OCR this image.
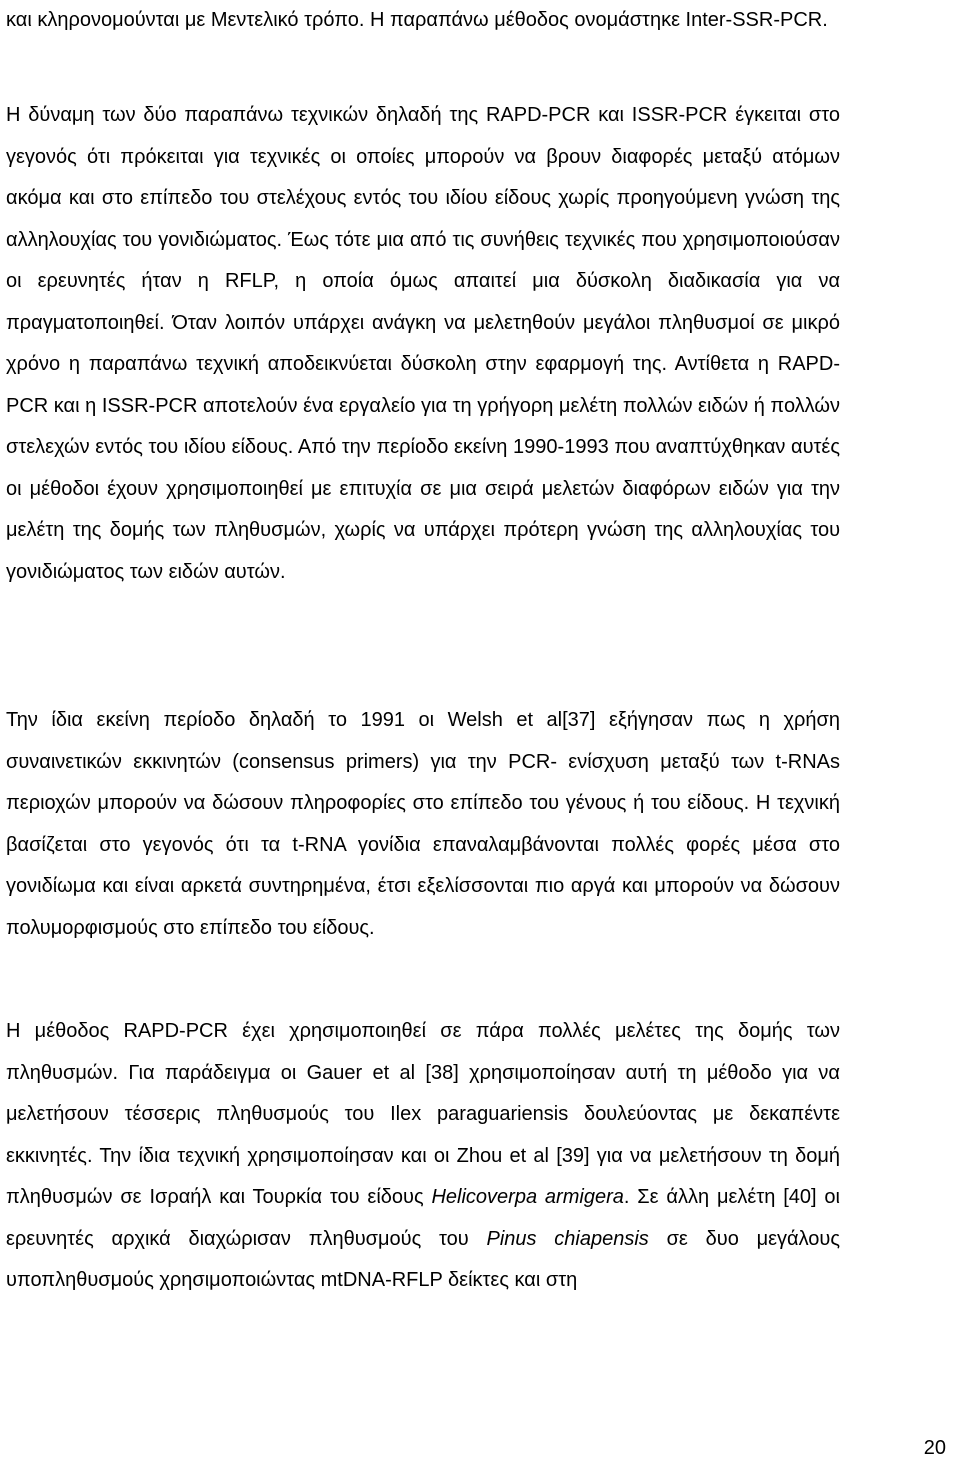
και κληρονομούνται με Μεντελικό τρόπο. Η παραπάνω μέθοδος ονομάστηκε Inter-SSR-PCR.

Η δύναμη των δύο παραπάνω τεχνικών δηλαδή της RAPD-PCR και ISSR-PCR έγκειται στο γεγονός ότι πρόκειται για τεχνικές οι οποίες μπορούν να βρουν διαφορές μεταξύ ατόμων ακόμα και στο επίπεδο του στελέχους εντός του ιδίου είδους χωρίς προηγούμενη γνώση της αλληλουχίας του γονιδιώματος. Έως τότε μια από τις συνήθεις τεχνικές που χρησιμοποιούσαν οι ερευνητές ήταν η RFLP, η οποία όμως απαιτεί μια δύσκολη διαδικασία για να πραγματοποιηθεί. Όταν λοιπόν υπάρχει ανάγκη να μελετηθούν μεγάλοι πληθυσμοί σε μικρό χρόνο η παραπάνω τεχνική αποδεικνύεται δύσκολη στην εφαρμογή της. Αντίθετα η RAPD-PCR και η ISSR-PCR αποτελούν ένα εργαλείο για τη γρήγορη μελέτη πολλών ειδών ή πολλών στελεχών εντός του ιδίου είδους. Από την περίοδο εκείνη 1990-1993 που αναπτύχθηκαν αυτές οι μέθοδοι έχουν χρησιμοποιηθεί με επιτυχία σε μια σειρά μελετών διαφόρων ειδών για την μελέτη της δομής των πληθυσμών, χωρίς να υπάρχει πρότερη γνώση της αλληλουχίας του γονιδιώματος των ειδών αυτών.

Την ίδια εκείνη περίοδο δηλαδή το 1991 οι Welsh et al[37] εξήγησαν πως η χρήση συναινετικών εκκινητών (consensus primers) για την PCR- ενίσχυση μεταξύ των t-RNAs περιοχών μπορούν να δώσουν πληροφορίες στο επίπεδο του γένους ή του είδους. Η τεχνική βασίζεται στο γεγονός ότι τα t-RNA γονίδια επαναλαμβάνονται πολλές φορές μέσα στο γονιδίωμα και είναι αρκετά συντηρημένα, έτσι εξελίσσονται πιο αργά και μπορούν να δώσουν πολυμορφισμούς στο επίπεδο του είδους.

Η μέθοδος RAPD-PCR έχει χρησιμοποιηθεί σε πάρα πολλές μελέτες της δομής των πληθυσμών. Για παράδειγμα οι Gauer et al [38] χρησιμοποίησαν αυτή τη μέθοδο για να μελετήσουν τέσσερις πληθυσμούς του Ilex paraguariensis δουλεύοντας με δεκαπέντε εκκινητές. Την ίδια τεχνική χρησιμοποίησαν και οι Zhou et al [39] για να μελετήσουν τη δομή πληθυσμών σε Ισραήλ και Τουρκία του είδους Helicoverpa armigera. Σε άλλη μελέτη [40] οι ερευνητές αρχικά διαχώρισαν πληθυσμούς του Pinus chiapensis σε δυο μεγάλους υποπληθυσμούς χρησιμοποιώντας mtDNA-RFLP δείκτες και στη

20
